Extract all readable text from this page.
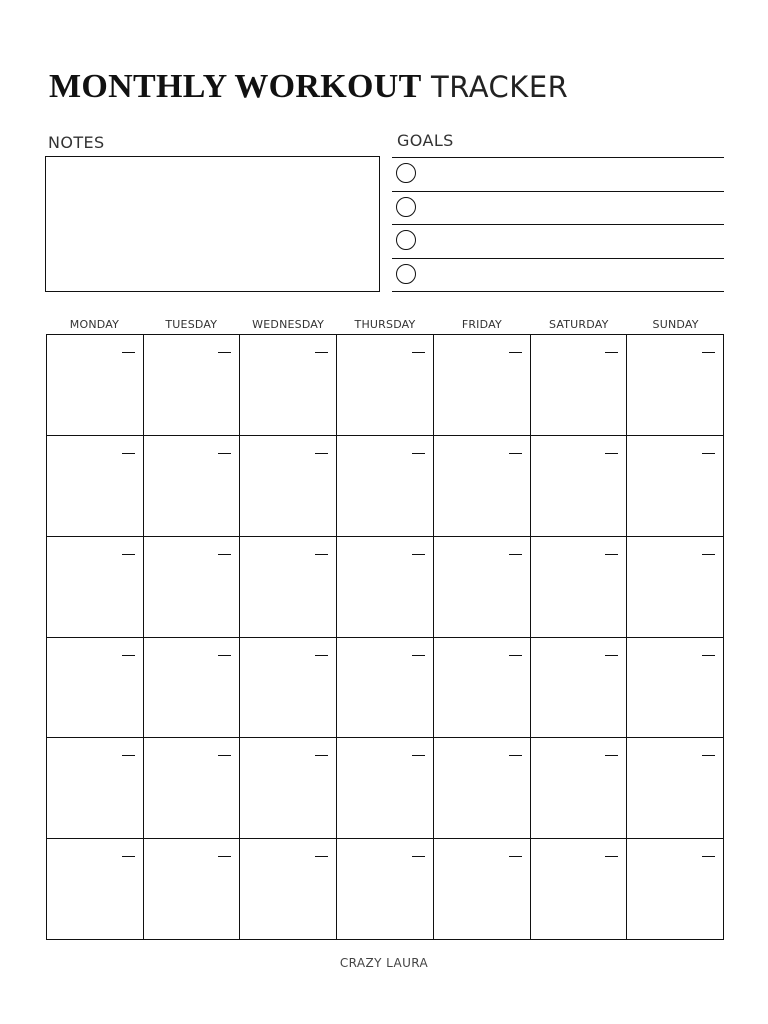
MONTHLY WORKOUT TRACKER
NOTES	GOALS
MONDAY	TUESDAY	WEDNESDAY	THURSDAY	FRIDAY	SATURDAY	SUNDAY
CRAZY LAURA
